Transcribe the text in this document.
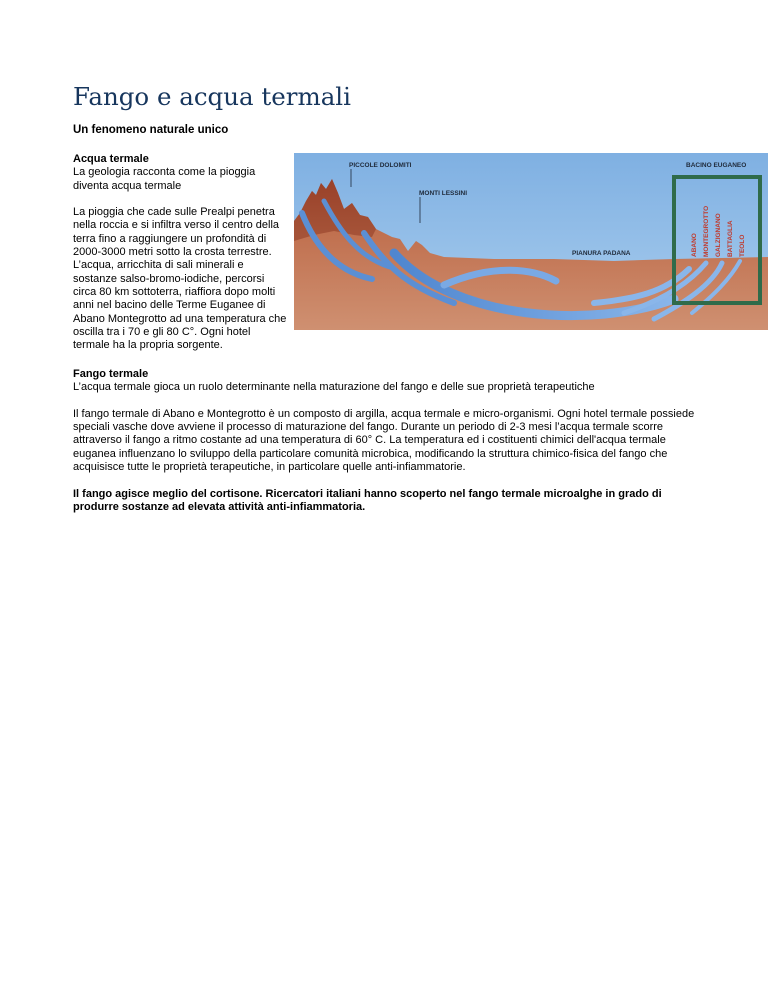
Fango e acqua termali

Un fenomeno naturale unico

Acqua termale

La geologia racconta come la pioggia diventa acqua termale

La pioggia che cade sulle Prealpi penetra nella roccia e si infiltra verso il centro della terra fino a raggiungere un profondità di 2000-3000 metri sotto la crosta terrestre. L’acqua, arricchita di sali minerali e sostanze salso-bromo-iodiche, percorsi circa 80 km sottoterra, riaffiora dopo molti anni nel bacino delle Terme Euganee di Abano Montegrotto ad una temperatura che oscilla tra i 70 e gli 80 C°. Ogni hotel termale ha la propria sorgente.

PICCOLE DOLOMITI
MONTI LESSINI
PIANURA PADANA
BACINO EUGANEO
ABANO MONTEGROTTO GALZIGNANO BATTAGLIA TEOLO
Fango termale

L’acqua termale gioca un ruolo determinante nella maturazione del fango e delle sue proprietà terapeutiche

Il fango termale di Abano e Montegrotto è un composto di argilla, acqua termale e micro-organismi. Ogni hotel termale possiede speciali vasche dove avviene il processo di maturazione del fango. Durante un periodo di 2-3 mesi l’acqua termale scorre attraverso il fango a ritmo costante ad una temperatura di 60° C. La temperatura ed i costituenti chimici dell'acqua termale euganea influenzano lo sviluppo della particolare comunità microbica, modificando la struttura chimico-fisica del fango che acquisisce tutte le proprietà terapeutiche, in particolare quelle anti-infiammatorie.

Il fango agisce meglio del cortisone. Ricercatori italiani hanno scoperto nel fango termale microalghe in grado di produrre sostanze ad elevata attività anti-infiammatoria.
